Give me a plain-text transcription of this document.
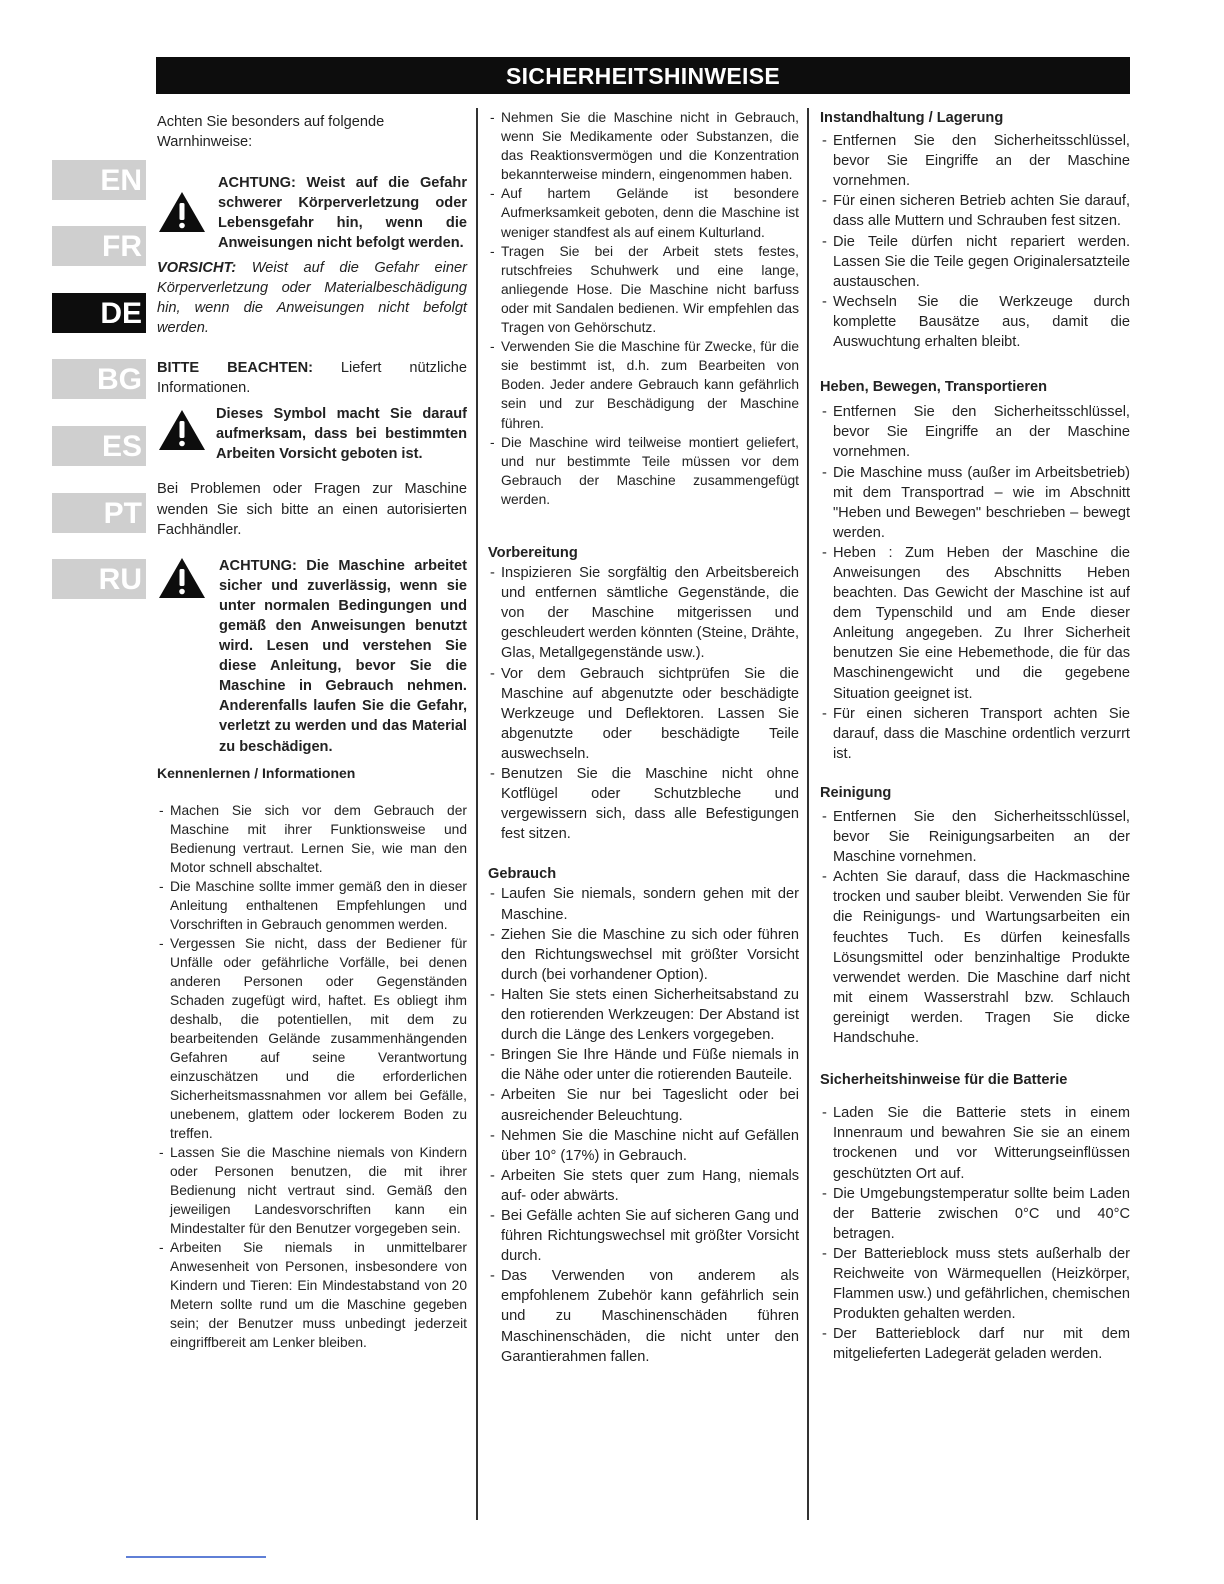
SICHERHEITSHINWEISE
EN
FR
DE
BG
ES
PT
RU

Achten Sie besonders auf folgende Warnhinweise:

ACHTUNG: Weist auf die Gefahr schwerer Körperverletzung oder Lebensgefahr hin, wenn die Anweisungen nicht befolgt werden.

VORSICHT: Weist auf die Gefahr einer Körperverletzung oder Materialbeschädigung hin, wenn die Anweisungen nicht befolgt werden.

BITTE BEACHTEN: Liefert nützliche Informationen.

Dieses Symbol macht Sie darauf aufmerksam, dass bei bestimmten Arbeiten Vorsicht geboten ist.

Bei Problemen oder Fragen zur Maschine wenden Sie sich bitte an einen autorisierten Fachhändler.

ACHTUNG: Die Maschine arbeitet sicher und zuverlässig, wenn sie unter normalen Bedingungen und gemäß den Anweisungen benutzt wird. Lesen und verstehen Sie diese Anleitung, bevor Sie die Maschine in Gebrauch nehmen. Anderenfalls laufen Sie die Gefahr, verletzt zu werden und das Material zu beschädigen.

Kennenlernen / Informationen

- Machen Sie sich vor dem Gebrauch der Maschine mit ihrer Funktionsweise und Bedienung vertraut. Lernen Sie, wie man den Motor schnell abschaltet.
- Die Maschine sollte immer gemäß den in dieser Anleitung enthaltenen Empfehlungen und Vorschriften in Gebrauch genommen werden.
- Vergessen Sie nicht, dass der Bediener für Unfälle oder gefährliche Vorfälle, bei denen anderen Personen oder Gegenständen Schaden zugefügt wird, haftet. Es obliegt ihm deshalb, die potentiellen, mit dem zu bearbeitenden Gelände zusammenhängenden Gefahren auf seine Verantwortung einzuschätzen und die erforderlichen Sicherheitsmassnahmen vor allem bei Gefälle, unebenem, glattem oder lockerem Boden zu treffen.
- Lassen Sie die Maschine niemals von Kindern oder Personen benutzen, die mit ihrer Bedienung nicht vertraut sind. Gemäß den jeweiligen Landesvorschriften kann ein Mindestalter für den Benutzer vorgegeben sein.
- Arbeiten Sie niemals in unmittelbarer Anwesenheit von Personen, insbesondere von Kindern und Tieren: Ein Mindestabstand von 20 Metern sollte rund um die Maschine gegeben sein; der Benutzer muss unbedingt jederzeit eingriffbereit am Lenker bleiben.
- Nehmen Sie die Maschine nicht in Gebrauch, wenn Sie Medikamente oder Substanzen, die das Reaktionsvermögen und die Konzentration bekannterweise mindern, eingenommen haben.
- Auf hartem Gelände ist besondere Aufmerksamkeit geboten, denn die Maschine ist weniger standfest als auf einem Kulturland.
- Tragen Sie bei der Arbeit stets festes, rutschfreies Schuhwerk und eine lange, anliegende Hose. Die Maschine nicht barfuss oder mit Sandalen bedienen. Wir empfehlen das Tragen von Gehörschutz.
- Verwenden Sie die Maschine für Zwecke, für die sie bestimmt ist, d.h. zum Bearbeiten von Boden. Jeder andere Gebrauch kann gefährlich sein und zur Beschädigung der Maschine führen.
- Die Maschine wird teilweise montiert geliefert, und nur bestimmte Teile müssen vor dem Gebrauch der Maschine zusammengefügt werden.

Vorbereitung

- Inspizieren Sie sorgfältig den Arbeitsbereich und entfernen sämtliche Gegenstände, die von der Maschine mitgerissen und geschleudert werden könnten (Steine, Drähte, Glas, Metallgegenstände usw.).
- Vor dem Gebrauch sichtprüfen Sie die Maschine auf abgenutzte oder beschädigte Werkzeuge und Deflektoren. Lassen Sie abgenutzte oder beschädigte Teile auswechseln.
- Benutzen Sie die Maschine nicht ohne Kotflügel oder Schutzbleche und vergewissern sich, dass alle Befestigungen fest sitzen.

Gebrauch

- Laufen Sie niemals, sondern gehen mit der Maschine.
- Ziehen Sie die Maschine zu sich oder führen den Richtungswechsel mit größter Vorsicht durch (bei vorhandener Option).
- Halten Sie stets einen Sicherheitsabstand zu den rotierenden Werkzeugen: Der Abstand ist durch die Länge des Lenkers vorgegeben.
- Bringen Sie Ihre Hände und Füße niemals in die Nähe oder unter die rotierenden Bauteile.
- Arbeiten Sie nur bei Tageslicht oder bei ausreichender Beleuchtung.
- Nehmen Sie die Maschine nicht auf Gefällen über 10° (17%) in Gebrauch.
- Arbeiten Sie stets quer zum Hang, niemals auf- oder abwärts.
- Bei Gefälle achten Sie auf sicheren Gang und führen Richtungswechsel mit größter Vorsicht durch.
- Das Verwenden von anderem als empfohlenem Zubehör kann gefährlich sein und zu Maschinenschäden führen Maschinenschäden, die nicht unter den Garantierahmen fallen.

Instandhaltung / Lagerung

- Entfernen Sie den Sicherheitsschlüssel, bevor Sie Eingriffe an der Maschine vornehmen.
- Für einen sicheren Betrieb achten Sie darauf, dass alle Muttern und Schrauben fest sitzen.
- Die Teile dürfen nicht repariert werden. Lassen Sie die Teile gegen Originalersatzteile austauschen.
- Wechseln Sie die Werkzeuge durch komplette Bausätze aus, damit die Auswuchtung erhalten bleibt.

Heben, Bewegen, Transportieren

- Entfernen Sie den Sicherheitsschlüssel, bevor Sie Eingriffe an der Maschine vornehmen.
- Die Maschine muss (außer im Arbeitsbetrieb) mit dem Transportrad – wie im Abschnitt "Heben und Bewegen" beschrieben – bewegt werden.
- Heben : Zum Heben der Maschine die Anweisungen des Abschnitts Heben beachten. Das Gewicht der Maschine ist auf dem Typenschild und am Ende dieser Anleitung angegeben. Zu Ihrer Sicherheit benutzen Sie eine Hebemethode, die für das Maschinengewicht und die gegebene Situation geeignet ist.
- Für einen sicheren Transport achten Sie darauf, dass die Maschine ordentlich verzurrt ist.

Reinigung

- Entfernen Sie den Sicherheitsschlüssel, bevor Sie Reinigungsarbeiten an der Maschine vornehmen.
- Achten Sie darauf, dass die Hackmaschine trocken und sauber bleibt. Verwenden Sie für die Reinigungs- und Wartungsarbeiten ein feuchtes Tuch. Es dürfen keinesfalls Lösungsmittel oder benzinhaltige Produkte verwendet werden. Die Maschine darf nicht mit einem Wasserstrahl bzw. Schlauch gereinigt werden. Tragen Sie dicke Handschuhe.

Sicherheitshinweise für die Batterie

- Laden Sie die Batterie stets in einem Innenraum und bewahren Sie sie an einem trockenen und vor Witterungseinflüssen geschützten Ort auf.
- Die Umgebungstemperatur sollte beim Laden der Batterie zwischen 0°C und 40°C betragen.
- Der Batterieblock muss stets außerhalb der Reichweite von Wärmequellen (Heizkörper, Flammen usw.) und gefährlichen, chemischen Produkten gehalten werden.
- Der Batterieblock darf nur mit dem mitgelieferten Ladegerät geladen werden.
